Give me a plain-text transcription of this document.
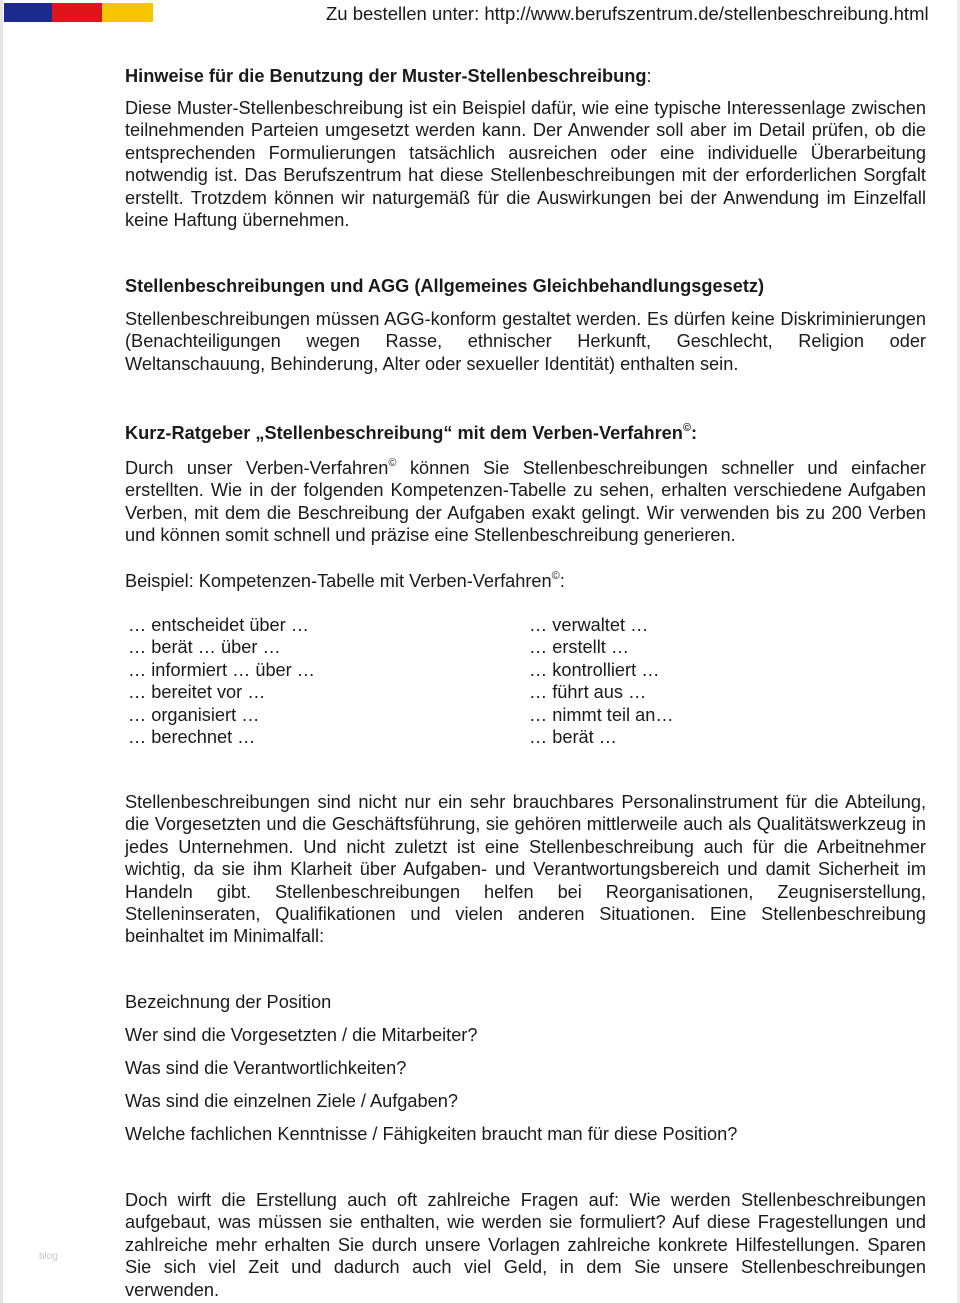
Zu bestellen unter: http://www.berufszentrum.de/stellenbeschreibung.html
Hinweise für die Benutzung der Muster-Stellenbeschreibung:

Diese Muster-Stellenbeschreibung ist ein Beispiel dafür, wie eine typische Interessenlage zwischen teilnehmenden Parteien umgesetzt werden kann. Der Anwender soll aber im Detail prüfen, ob die entsprechenden Formulierungen tatsächlich ausreichen oder eine individuelle Überarbeitung notwendig ist. Das Berufszentrum hat diese Stellenbeschreibungen mit der erforderlichen Sorgfalt erstellt. Trotzdem können wir naturgemäß für die Auswirkungen bei der Anwendung im Einzelfall keine Haftung übernehmen.

Stellenbeschreibungen und AGG (Allgemeines Gleichbehandlungsgesetz)

Stellenbeschreibungen müssen AGG-konform gestaltet werden. Es dürfen keine Diskriminierungen (Benachteiligungen wegen Rasse, ethnischer Herkunft, Geschlecht, Religion oder Weltanschauung, Behinderung, Alter oder sexueller Identität) enthalten sein.

Kurz-Ratgeber „Stellenbeschreibung“ mit dem Verben-Verfahren©:

Durch unser Verben-Verfahren© können Sie Stellenbeschreibungen schneller und einfacher erstellten. Wie in der folgenden Kompetenzen-Tabelle zu sehen, erhalten verschiedene Aufgaben Verben, mit dem die Beschreibung der Aufgaben exakt gelingt. Wir verwenden bis zu 200 Verben und können somit schnell und präzise eine Stellenbeschreibung generieren.

Beispiel: Kompetenzen-Tabelle mit Verben-Verfahren©:

… entscheidet über …
… berät … über …
… informiert … über …
… bereitet vor …
… organisiert …
… berechnet …
… verwaltet …
… erstellt …
… kontrolliert …
… führt aus …
… nimmt teil an…
… berät …

Stellenbeschreibungen sind nicht nur ein sehr brauchbares Personalinstrument für die Abteilung, die Vorgesetzten und die Geschäftsführung, sie gehören mittlerweile auch als Qualitätswerkzeug in jedes Unternehmen. Und nicht zuletzt ist eine Stellenbeschreibung auch für die Arbeitnehmer wichtig, da sie ihm Klarheit über Aufgaben- und Verantwortungsbereich und damit Sicherheit im Handeln gibt. Stellenbeschreibungen helfen bei Reorganisationen, Zeugniserstellung, Stelleninseraten, Qualifikationen und vielen anderen Situationen. Eine Stellenbeschreibung beinhaltet im Minimalfall:

Bezeichnung der Position
Wer sind die Vorgesetzten / die Mitarbeiter?
Was sind die Verantwortlichkeiten?
Was sind die einzelnen Ziele / Aufgaben?
Welche fachlichen Kenntnisse / Fähigkeiten braucht man für diese Position?

Doch wirft die Erstellung auch oft zahlreiche Fragen auf: Wie werden Stellenbeschreibungen aufgebaut, was müssen sie enthalten, wie werden sie formuliert? Auf diese Fragestellungen und zahlreiche mehr erhalten Sie durch unsere Vorlagen zahlreiche konkrete Hilfestellungen. Sparen Sie sich viel Zeit und dadurch auch viel Geld, in dem Sie unsere Stellenbeschreibungen verwenden.

blog
